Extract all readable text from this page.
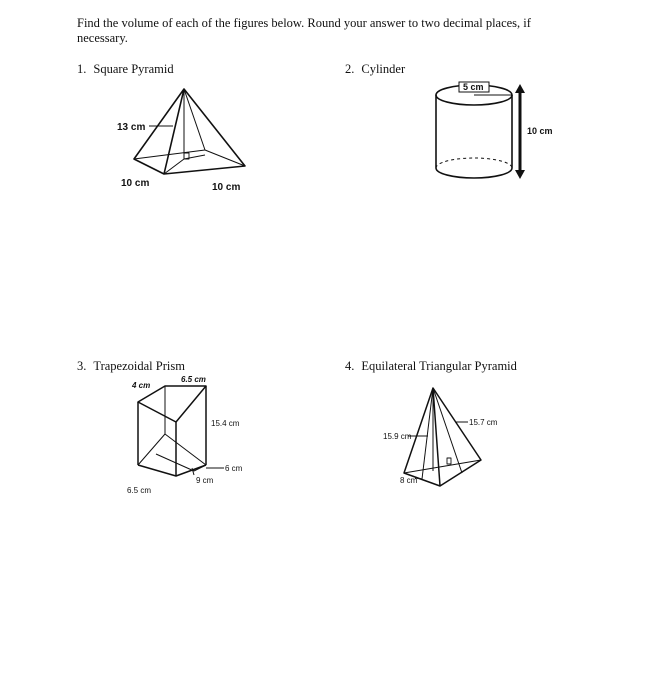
Find the volume of each of the figures below. Round your answer to two decimal places, if necessary.

1. Square Pyramid
13 cm
10 cm	10 cm
2. Cylinder
5 cm
10 cm
3. Trapezoidal Prism
6.5 cm
4 cm
15.4 cm
6 cm
9 cm
6.5 cm
4. Equilateral Triangular Pyramid
15.7 cm
15.9 cm
8 cm
